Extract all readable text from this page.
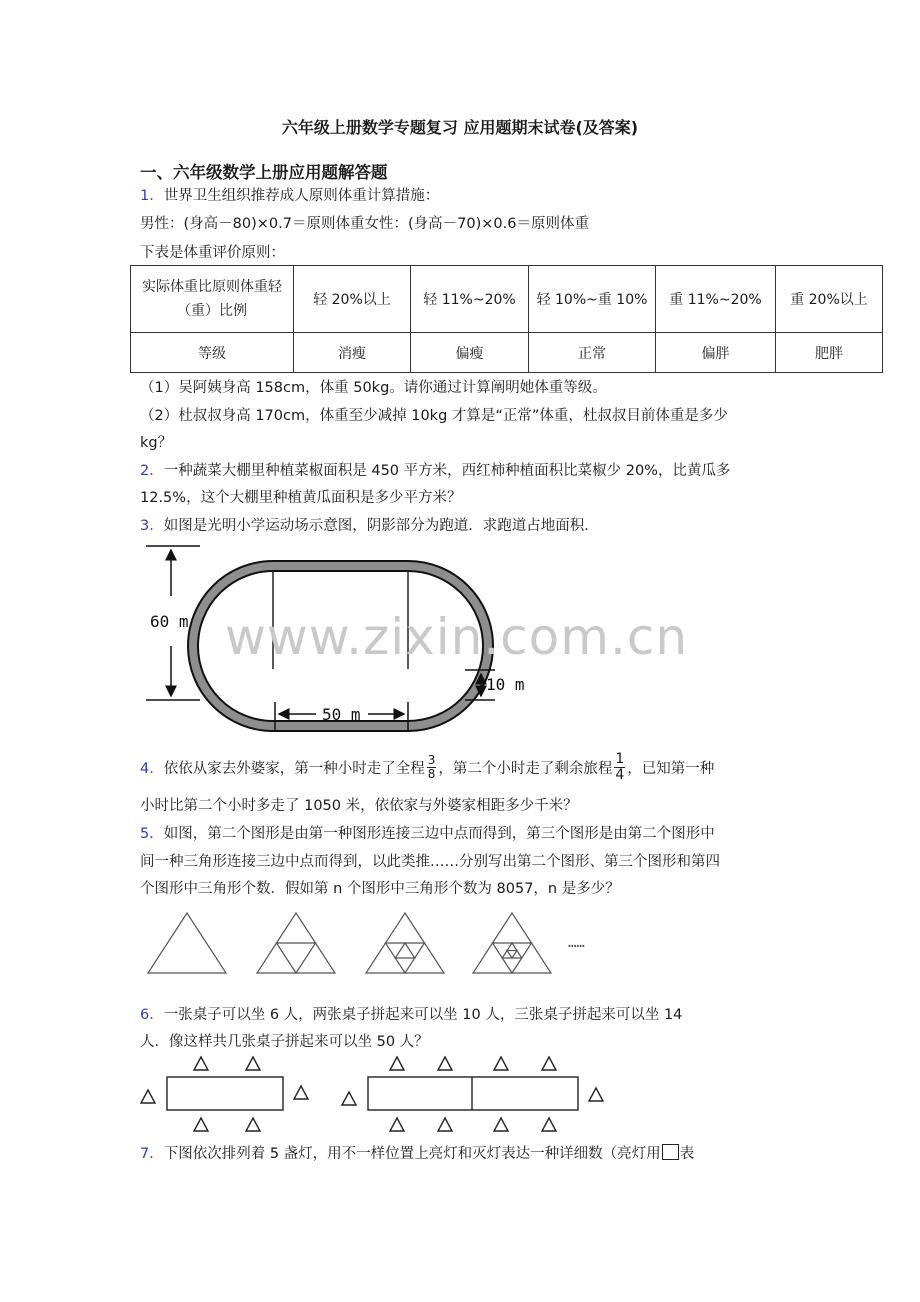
六年级上册数学专题复习 应用题期末试卷(及答案)
一、六年级数学上册应用题解答题
1．世界卫生组织推荐成人原则体重计算措施：
男性：(身高－80)×0.7＝原则体重女性：(身高－70)×0.6＝原则体重
下表是体重评价原则：
实际体重比原则体重轻（重）比例	轻 20%以上	轻 11%~20%	轻 10%~重 10%	重 11%~20%	重 20%以上
等级	消瘦	偏瘦	正常	偏胖	肥胖
（1）吴阿姨身高 158cm，体重 50kg。请你通过计算阐明她体重等级。
（2）杜叔叔身高 170cm，体重至少减掉 10kg 才算是“正常”体重，杜叔叔目前体重是多少
kg？
2．一种蔬菜大棚里种植菜椒面积是 450 平方米，西红柿种植面积比菜椒少 20%，比黄瓜多
12.5%，这个大棚里种植黄瓜面积是多少平方米？
3．如图是光明小学运动场示意图，阴影部分为跑道．求跑道占地面积．
60 m
10 m
50 m
www.zixin.com.cn
4．依依从家去外婆家，第一种小时走了全程 $\frac{3}{8}$ ，第二个小时走了剩余旅程 $\frac{1}{4}$ ，已知第一种
小时比第二个小时多走了 1050 米，依依家与外婆家相距多少千米？
5．如图，第二个图形是由第一种图形连接三边中点而得到，第三个图形是由第二个图形中
间一种三角形连接三边中点而得到，以此类推……分别写出第二个图形、第三个图形和第四
个图形中三角形个数．假如第 n 个图形中三角形个数为 8057，n 是多少？
……
6．一张桌子可以坐 6 人，两张桌子拼起来可以坐 10 人，三张桌子拼起来可以坐 14
人．像这样共几张桌子拼起来可以坐 50 人？
7．下图依次排列着 5 盏灯，用不一样位置上亮灯和灭灯表达一种详细数（亮灯用 表
